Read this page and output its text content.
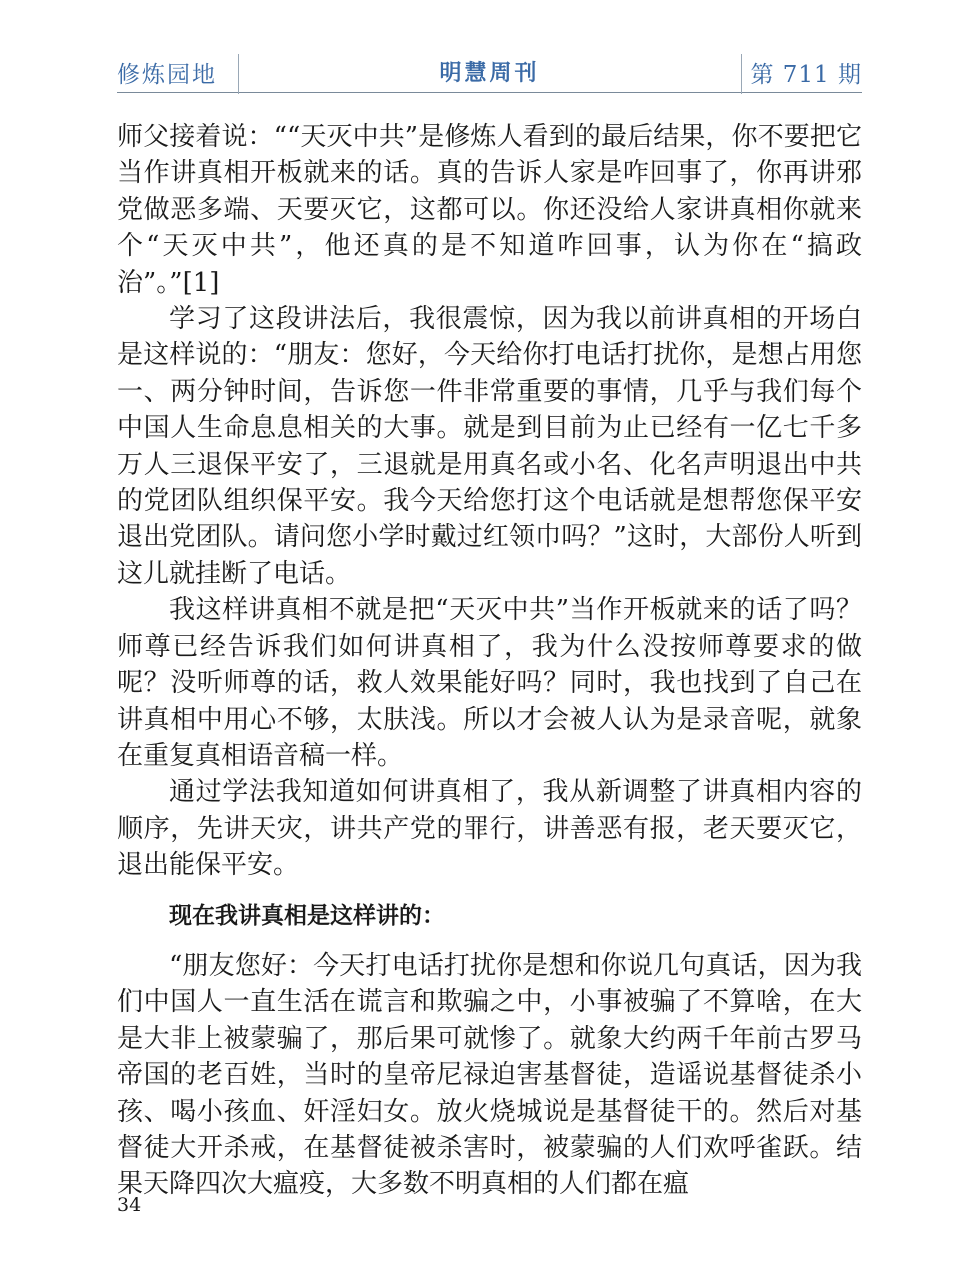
修炼园地	明慧周刊	第 711 期

师父接着说：““天灭中共”是修炼人看到的最后结果，你不要把它当作讲真相开板就来的话。真的告诉人家是咋回事了，你再讲邪党做恶多端、天要灭它，这都可以。你还没给人家讲真相你就来个“天灭中共”，他还真的是不知道咋回事，认为你在“搞政治”。”[1]

学习了这段讲法后，我很震惊，因为我以前讲真相的开场白是这样说的：“朋友：您好，今天给你打电话打扰你，是想占用您一、两分钟时间，告诉您一件非常重要的事情，几乎与我们每个中国人生命息息相关的大事。就是到目前为止已经有一亿七千多万人三退保平安了，三退就是用真名或小名、化名声明退出中共的党团队组织保平安。我今天给您打这个电话就是想帮您保平安退出党团队。请问您小学时戴过红领巾吗？”这时，大部份人听到这儿就挂断了电话。

我这样讲真相不就是把“天灭中共”当作开板就来的话了吗？师尊已经告诉我们如何讲真相了，我为什么没按师尊要求的做呢？没听师尊的话，救人效果能好吗？同时，我也找到了自己在讲真相中用心不够，太肤浅。所以才会被人认为是录音呢，就象在重复真相语音稿一样。

通过学法我知道如何讲真相了，我从新调整了讲真相内容的顺序，先讲天灾，讲共产党的罪行，讲善恶有报，老天要灭它，退出能保平安。

现在我讲真相是这样讲的：

“朋友您好：今天打电话打扰你是想和你说几句真话，因为我们中国人一直生活在谎言和欺骗之中，小事被骗了不算啥，在大是大非上被蒙骗了，那后果可就惨了。就象大约两千年前古罗马帝国的老百姓，当时的皇帝尼禄迫害基督徒，造谣说基督徒杀小孩、喝小孩血、奸淫妇女。放火烧城说是基督徒干的。然后对基督徒大开杀戒，在基督徒被杀害时，被蒙骗的人们欢呼雀跃。结果天降四次大瘟疫，大多数不明真相的人们都在瘟

34
